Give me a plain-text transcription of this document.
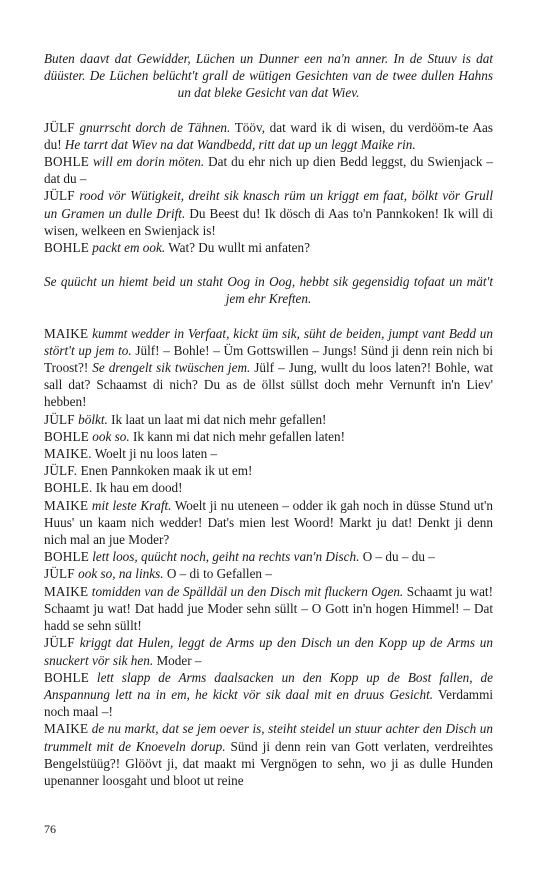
Buten daavt dat Gewidder, Lüchen un Dunner een na'n anner. In de Stuuv is dat düüster. De Lüchen belücht't grall de wütigen Gesichten van de twee dullen Hahns un dat bleke Gesicht van dat Wiev.

JÜLF gnurrscht dorch de Tähnen. Tööv, dat ward ik di wisen, du verdööm-te Aas du! He tarrt dat Wiev na dat Wandbedd, ritt dat up un leggt Maike rin.

BOHLE will em dorin möten. Dat du ehr nich up dien Bedd leggst, du Swienjack – dat du –

JÜLF rood vör Wütigkeit, dreiht sik knasch rüm un kriggt em faat, bölkt vör Grull un Gramen un dulle Drift. Du Beest du! Ik dösch di Aas to'n Pannkoken! Ik will di wisen, welkeen en Swienjack is!

BOHLE packt em ook. Wat? Du wullt mi anfaten?

Se quücht un hiemt beid un staht Oog in Oog, hebbt sik gegensidig tofaat un mät't jem ehr Kreften.

MAIKE kummt wedder in Verfaat, kickt üm sik, süht de beiden, jumpt vant Bedd un stört't up jem to. Jülf! – Bohle! – Üm Gottswillen – Jungs! Sünd ji denn rein nich bi Troost?! Se drengelt sik twüschen jem. Jülf – Jung, wullt du loos laten?! Bohle, wat sall dat? Schaamst di nich? Du as de öllst süllst doch mehr Vernunft in'n Liev' hebben!

JÜLF bölkt. Ik laat un laat mi dat nich mehr gefallen!

BOHLE ook so. Ik kann mi dat nich mehr gefallen laten!

MAIKE. Woelt ji nu loos laten –

JÜLF. Enen Pannkoken maak ik ut em!

BOHLE. Ik hau em dood!

MAIKE mit leste Kraft. Woelt ji nu uteneen – odder ik gah noch in düsse Stund ut'n Huus' un kaam nich wedder! Dat's mien lest Woord! Markt ju dat! Denkt ji denn nich mal an jue Moder?

BOHLE lett loos, quücht noch, geiht na rechts van'n Disch. O – du – du –

JÜLF ook so, na links. O – di to Gefallen –

MAIKE tomidden van de Spälldäl un den Disch mit fluckern Ogen. Schaamt ju wat! Schaamt ju wat! Dat hadd jue Moder sehn süllt – O Gott in'n hogen Himmel! – Dat hadd se sehn süllt!

JÜLF kriggt dat Hulen, leggt de Arms up den Disch un den Kopp up de Arms un snuckert vör sik hen. Moder –

BOHLE lett slapp de Arms daalsacken un den Kopp up de Bost fallen, de Anspannung lett na in em, he kickt vör sik daal mit en druus Gesicht. Verdammi noch maal –!

MAIKE de nu markt, dat se jem oever is, steiht steidel un stuur achter den Disch un trummelt mit de Knoeveln dorup. Sünd ji denn rein van Gott verlaten, verdreihtes Bengelstüüg?! Glöövt ji, dat maakt mi Vergnögen to sehn, wo ji as dulle Hunden upenanner loosgaht und bloot ut reine

76
